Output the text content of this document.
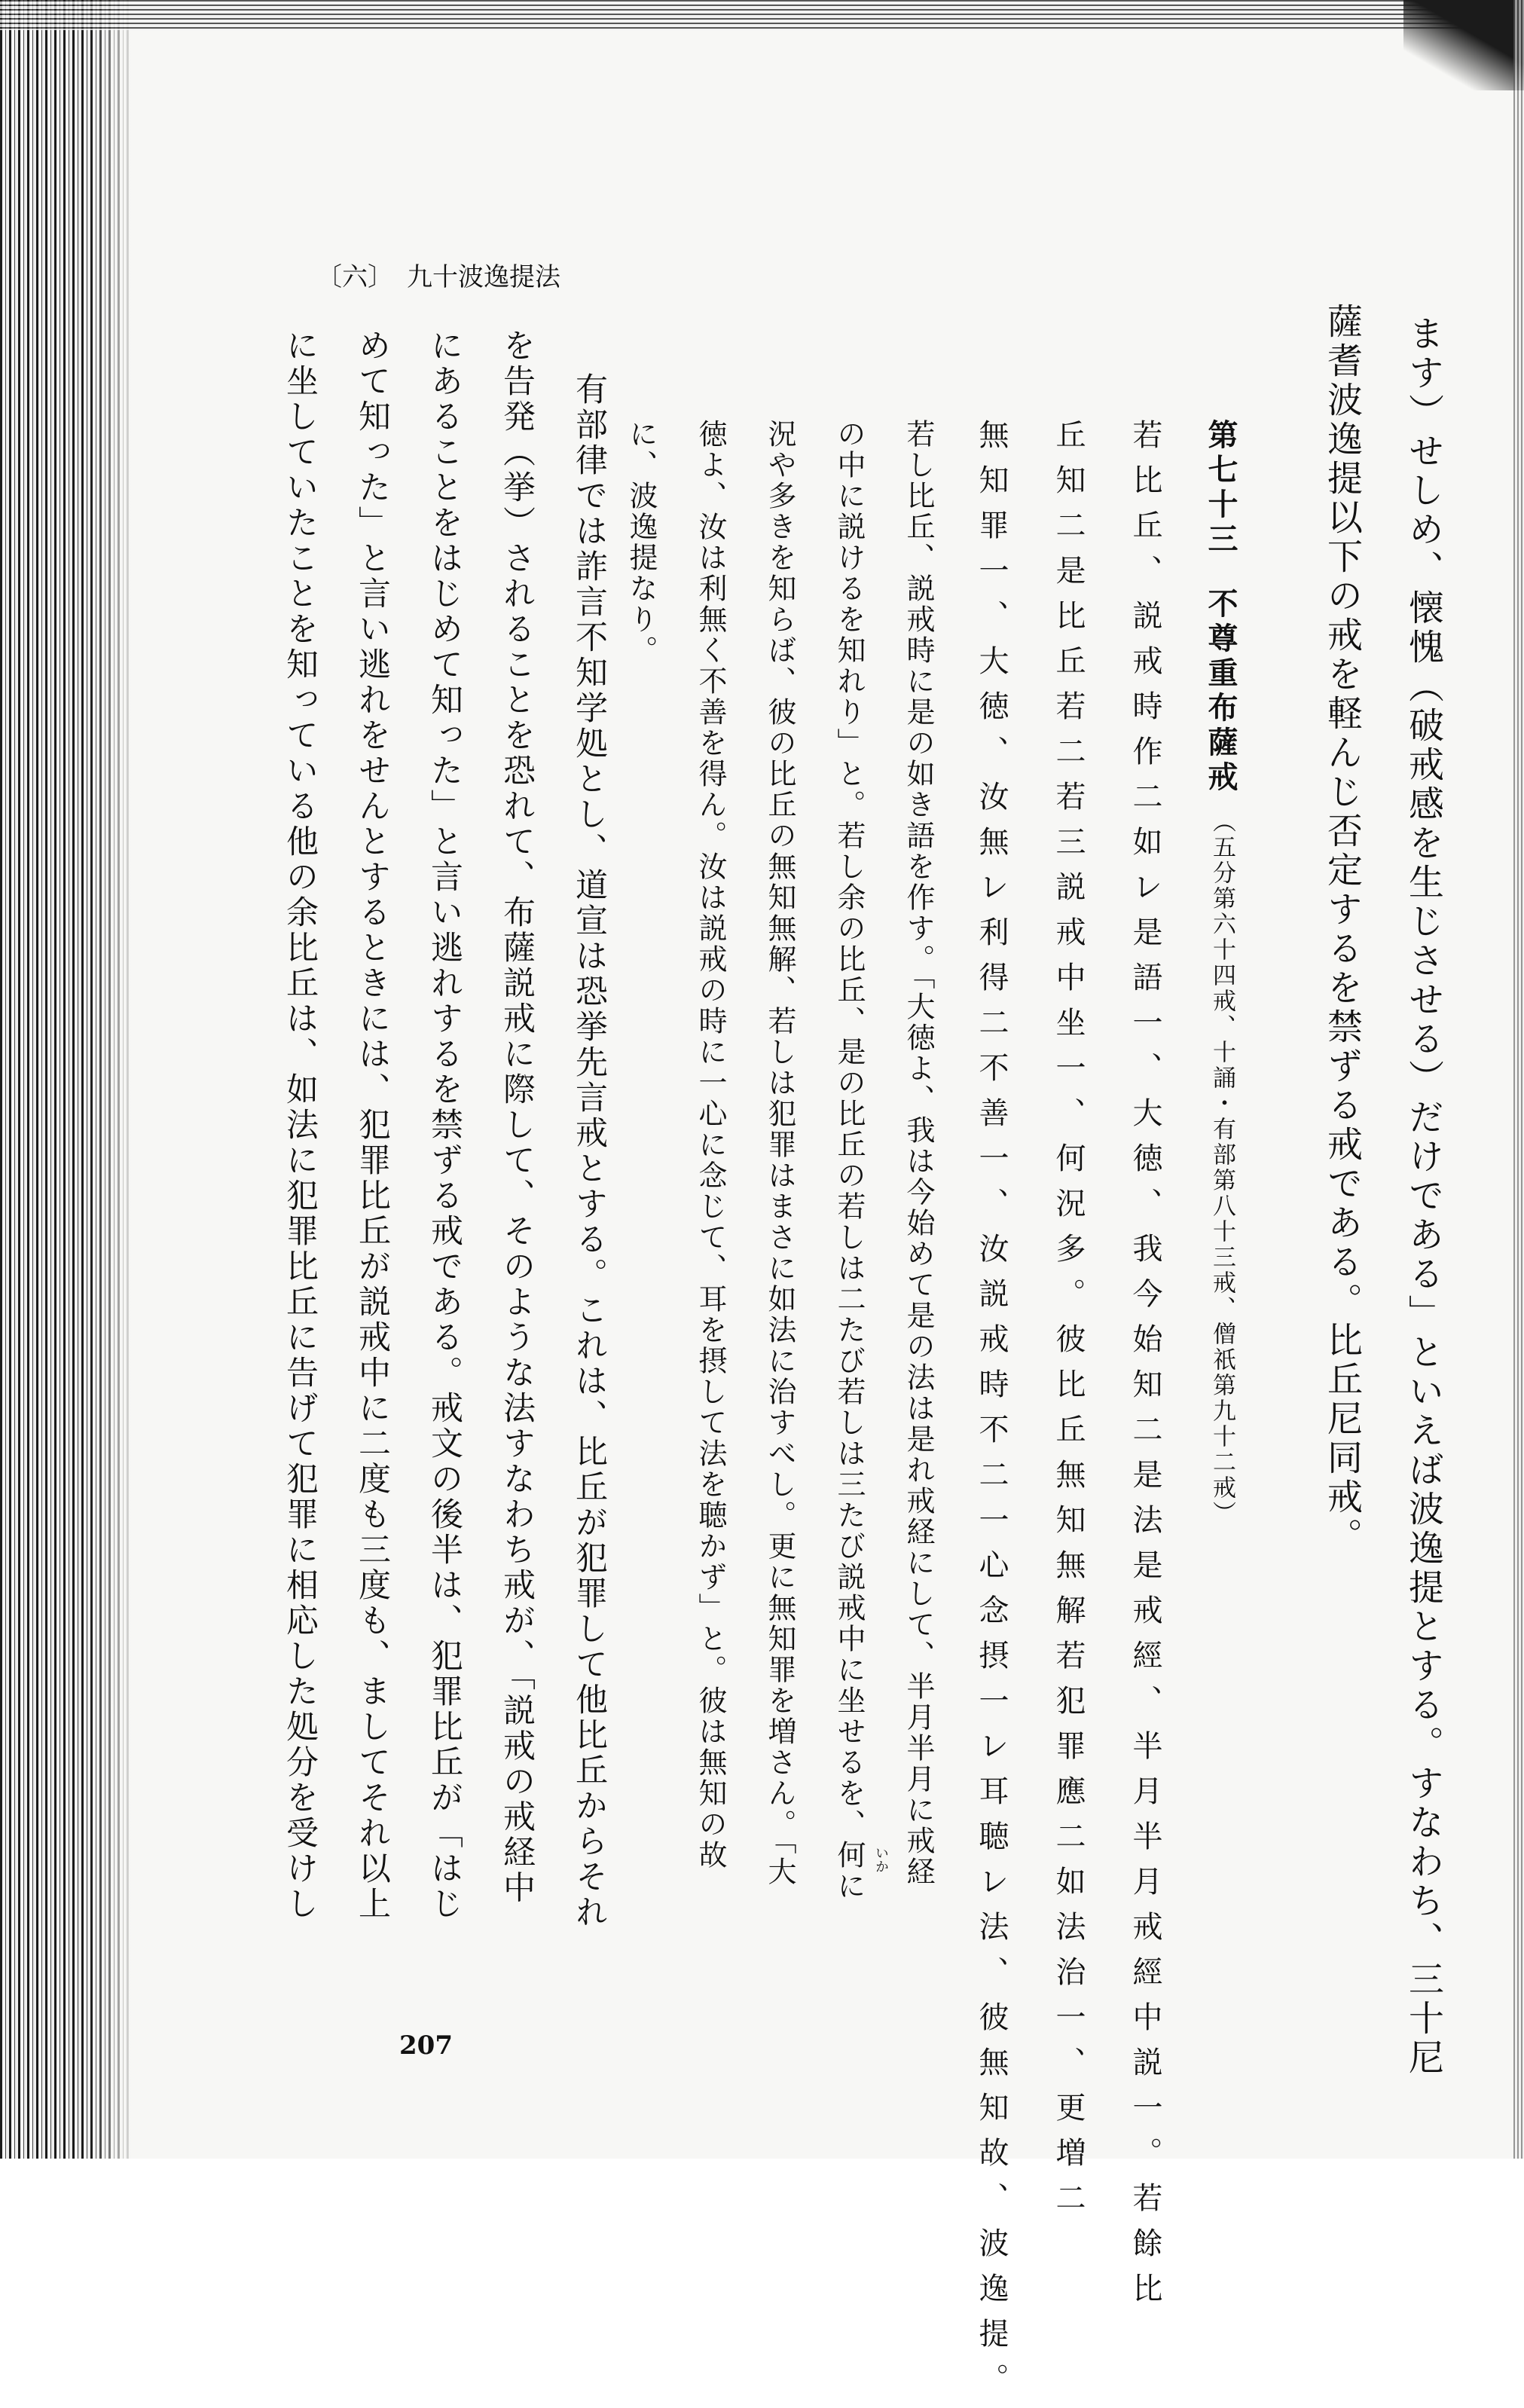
〔六〕 九十波逸提法
ます）せしめ、懐愧（破戒感を生じさせる）だけである」といえば波逸提とする。すなわち、三十尼
薩耆波逸提以下の戒を軽んじ否定するを禁ずる戒である。比丘尼同戒。
第七十三
不尊重布薩戒
（五分第六十四戒、十誦・有部第八十三戒、僧祇第九十二戒）
若比丘、説戒時作二如レ是語一、大徳、我今始知二是法是戒經、半月半月戒經中説一。若餘比
丘知二是比丘若二若三説戒中坐一、何況多。彼比丘無知無解若犯罪應二如法治一、更増二
無知罪一、大徳、汝無レ利得二不善一、汝説戒時不二一心念摂一レ耳聴レ法、彼無知故、波逸提。
若し比丘、説戒時に是の如き語を作す。「大徳よ、我は今始めて是の法は是れ戒経にして、半月半月に戒経
の中に説けるを知れり」と。若し余の比丘、是の比丘の若しは二たび若しは三たび説戒中に坐せるを、何に いか
況や多きを知らば、彼の比丘の無知無解、若しは犯罪はまさに如法に治すべし。更に無知罪を増さん。「大
徳よ、汝は利無く不善を得ん。汝は説戒の時に一心に念じて、耳を摂して法を聴かず」と。彼は無知の故
に、波逸提なり。
有部律では詐言不知学処とし、道宣は恐挙先言戒とする。これは、比丘が犯罪して他比丘からそれ
を告発（挙）されることを恐れて、布薩説戒に際して、そのような法すなわち戒が、「説戒の戒経中
にあることをはじめて知った」と言い逃れするを禁ずる戒である。戒文の後半は、犯罪比丘が「はじ
めて知った」と言い逃れをせんとするときには、犯罪比丘が説戒中に二度も三度も、ましてそれ以上
に坐していたことを知っている他の余比丘は、如法に犯罪比丘に告げて犯罪に相応した処分を受けし
207
